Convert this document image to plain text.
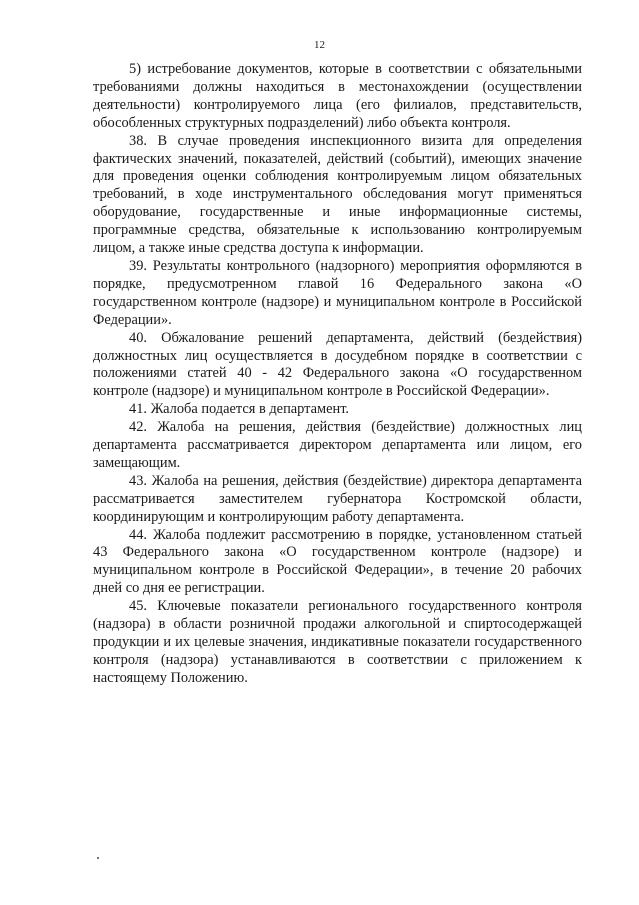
12

5) истребование документов, которые в соответствии с обязательными требованиями должны находиться в местонахождении (осуществлении деятельности) контролируемого лица (его филиалов, представительств, обособленных структурных подразделений) либо объекта контроля.

38. В случае проведения инспекционного визита для определения фактических значений, показателей, действий (событий), имеющих значение для проведения оценки соблюдения контролируемым лицом обязательных требований, в ходе инструментального обследования могут применяться оборудование, государственные и иные информационные системы, программные средства, обязательные к использованию контролируемым лицом, а также иные средства доступа к информации.

39. Результаты контрольного (надзорного) мероприятия оформляются в порядке, предусмотренном главой 16 Федерального закона «О государственном контроле (надзоре) и муниципальном контроле в Российской Федерации».

40. Обжалование решений департамента, действий (бездействия) должностных лиц осуществляется в досудебном порядке в соответствии с положениями статей 40 - 42 Федерального закона «О государственном контроле (надзоре) и муниципальном контроле в Российской Федерации».

41. Жалоба подается в департамент.

42. Жалоба на решения, действия (бездействие) должностных лиц департамента рассматривается директором департамента или лицом, его замещающим.

43. Жалоба на решения, действия (бездействие) директора департамента рассматривается заместителем губернатора Костромской области, координирующим и контролирующим работу департамента.

44. Жалоба подлежит рассмотрению в порядке, установленном статьей 43 Федерального закона «О государственном контроле (надзоре) и муниципальном контроле в Российской Федерации», в течение 20 рабочих дней со дня ее регистрации.

45. Ключевые показатели регионального государственного контроля (надзора) в области розничной продажи алкогольной и спиртосодержащей продукции и их целевые значения, индикативные показатели государственного контроля (надзора) устанавливаются в соответствии с приложением к настоящему Положению.
